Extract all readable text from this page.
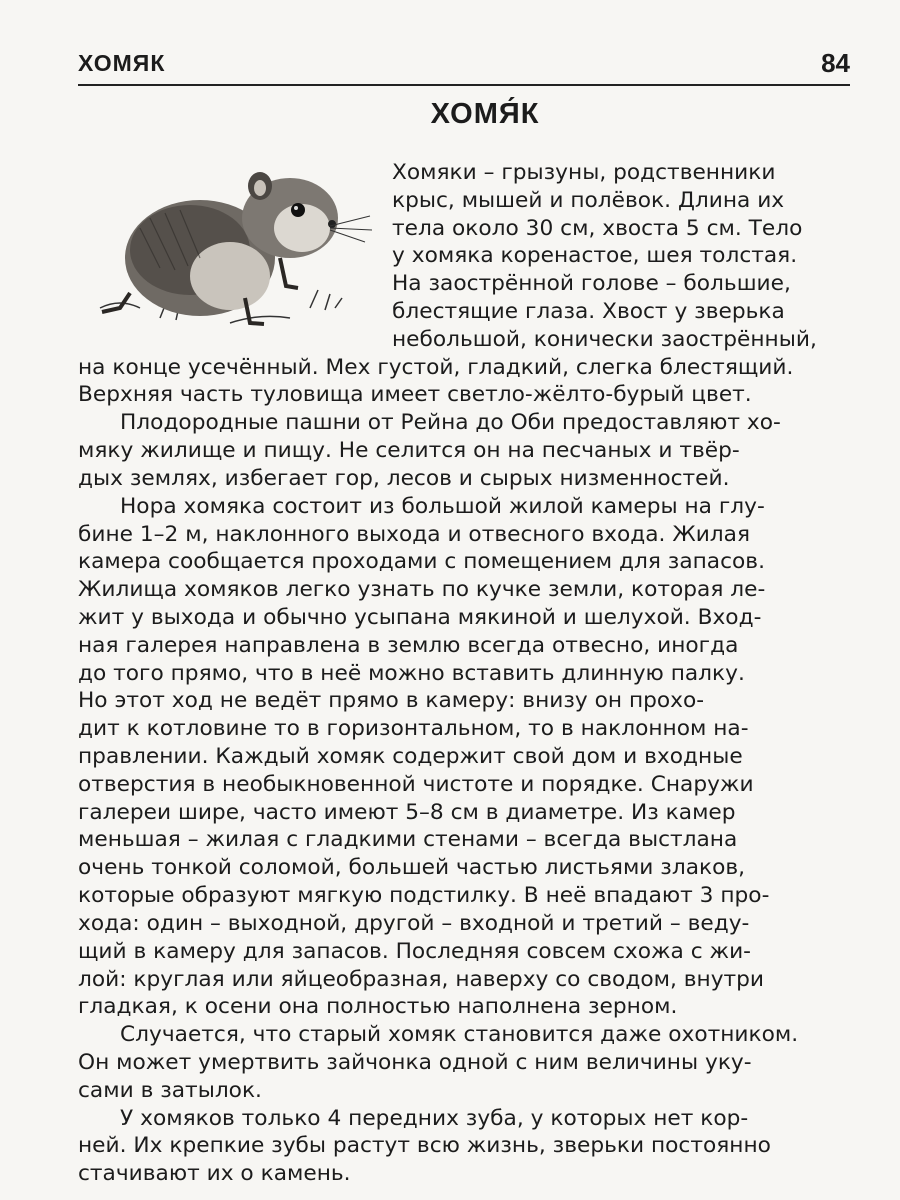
ХОМЯК	84
ХОМЯ́К
Хомяки – грызуны, родственники
крыс, мышей и полёвок. Длина их
тела около 30 см, хвоста 5 см. Тело
у хомяка коренастое, шея толстая.
На заострённой голове – большие,
блестящие глаза. Хвост у зверька
небольшой, конически заострённый,
на конце усечённый. Мех густой, гладкий, слегка блестящий.
Верхняя часть туловища имеет светло-жёлто-бурый цвет.
Плодородные пашни от Рейна до Оби предоставляют хо-
мяку жилище и пищу. Не селится он на песчаных и твёр-
дых землях, избегает гор, лесов и сырых низменностей.
Нора хомяка состоит из большой жилой камеры на глу-
бине 1–2 м, наклонного выхода и отвесного входа. Жилая
камера сообщается проходами с помещением для запасов.
Жилища хомяков легко узнать по кучке земли, которая ле-
жит у выхода и обычно усыпана мякиной и шелухой. Вход-
ная галерея направлена в землю всегда отвесно, иногда
до того прямо, что в неё можно вставить длинную палку.
Но этот ход не ведёт прямо в камеру: внизу он прохо-
дит к котловине то в горизонтальном, то в наклонном на-
правлении. Каждый хомяк содержит свой дом и входные
отверстия в необыкновенной чистоте и порядке. Снаружи
галереи шире, часто имеют 5–8 см в диаметре. Из камер
меньшая – жилая с гладкими стенами – всегда выстлана
очень тонкой соломой, большей частью листьями злаков,
которые образуют мягкую подстилку. В неё впадают 3 про-
хода: один – выходной, другой – входной и третий – веду-
щий в камеру для запасов. Последняя совсем схожа с жи-
лой: круглая или яйцеобразная, наверху со сводом, внутри
гладкая, к осени она полностью наполнена зерном.
Случается, что старый хомяк становится даже охотником.
Он может умертвить зайчонка одной с ним величины уку-
сами в затылок.
У хомяков только 4 передних зуба, у которых нет кор-
ней. Их крепкие зубы растут всю жизнь, зверьки постоянно
стачивают их о камень.
